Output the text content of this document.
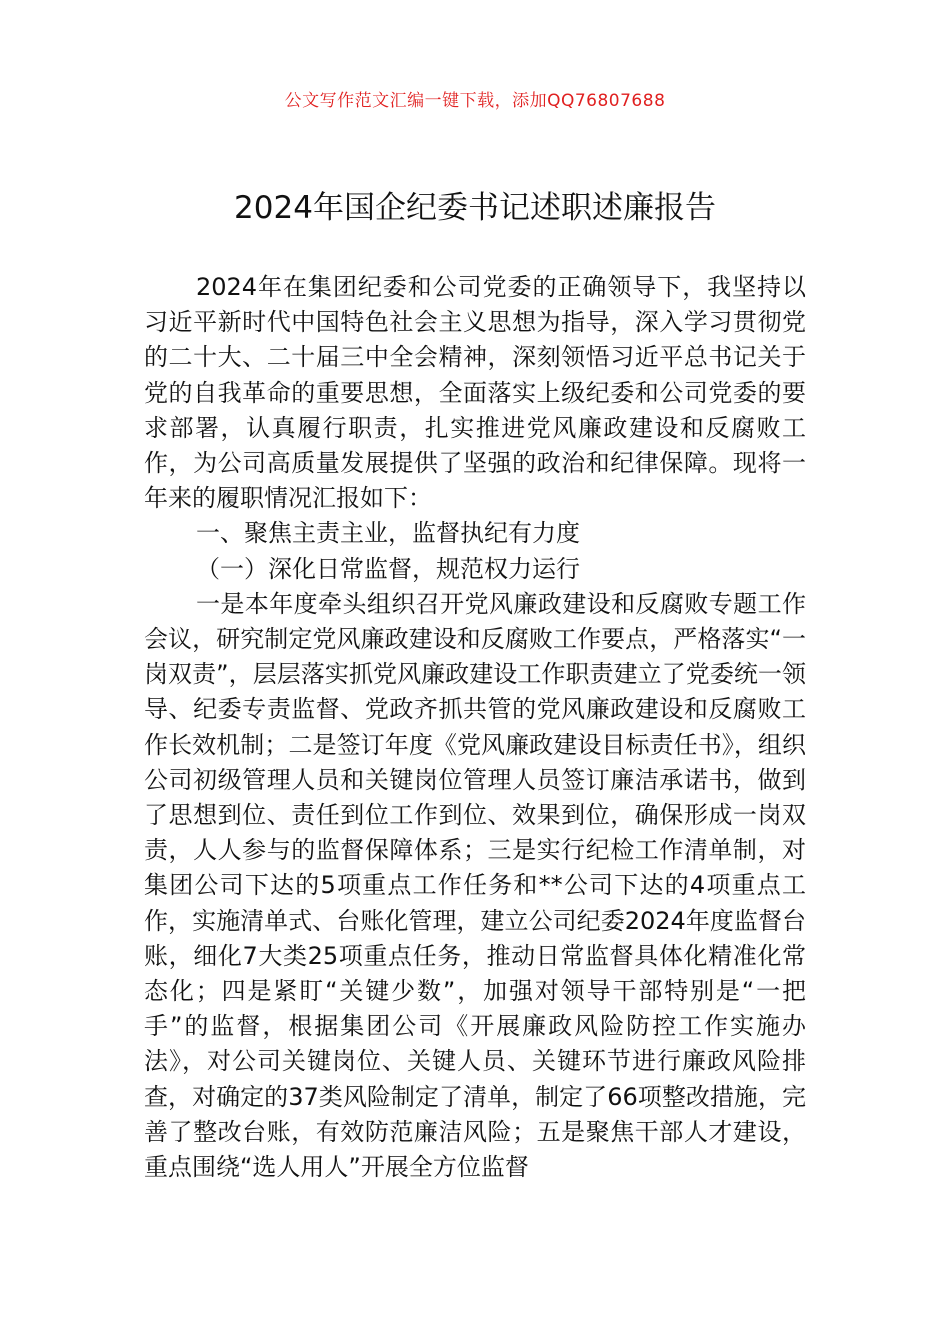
公文写作范文汇编一键下载，添加QQ76807688
2024年国企纪委书记述职述廉报告

2024年在集团纪委和公司党委的正确领导下，我坚持以习近平新时代中国特色社会主义思想为指导，深入学习贯彻党的二十大、二十届三中全会精神，深刻领悟习近平总书记关于党的自我革命的重要思想，全面落实上级纪委和公司党委的要求部署，认真履行职责，扎实推进党风廉政建设和反腐败工作，为公司高质量发展提供了坚强的政治和纪律保障。现将一年来的履职情况汇报如下：

一、聚焦主责主业，监督执纪有力度

（一）深化日常监督，规范权力运行

一是本年度牵头组织召开党风廉政建设和反腐败专题工作会议，研究制定党风廉政建设和反腐败工作要点，严格落实“一岗双责”，层层落实抓党风廉政建设工作职责建立了党委统一领导、纪委专责监督、党政齐抓共管的党风廉政建设和反腐败工作长效机制；二是签订年度《党风廉政建设目标责任书》，组织公司初级管理人员和关键岗位管理人员签订廉洁承诺书，做到了思想到位、责任到位工作到位、效果到位，确保形成一岗双责，人人参与的监督保障体系；三是实行纪检工作清单制，对集团公司下达的5项重点工作任务和**公司下达的4项重点工作，实施清单式、台账化管理，建立公司纪委2024年度监督台账，细化7大类25项重点任务，推动日常监督具体化精准化常态化；四是紧盯“关键少数”，加强对领导干部特别是“一把手”的监督，根据集团公司《开展廉政风险防控工作实施办法》，对公司关键岗位、关键人员、关键环节进行廉政风险排查，对确定的37类风险制定了清单，制定了66项整改措施，完善了整改台账，有效防范廉洁风险；五是聚焦干部人才建设，重点围绕“选人用人”开展全方位监督
